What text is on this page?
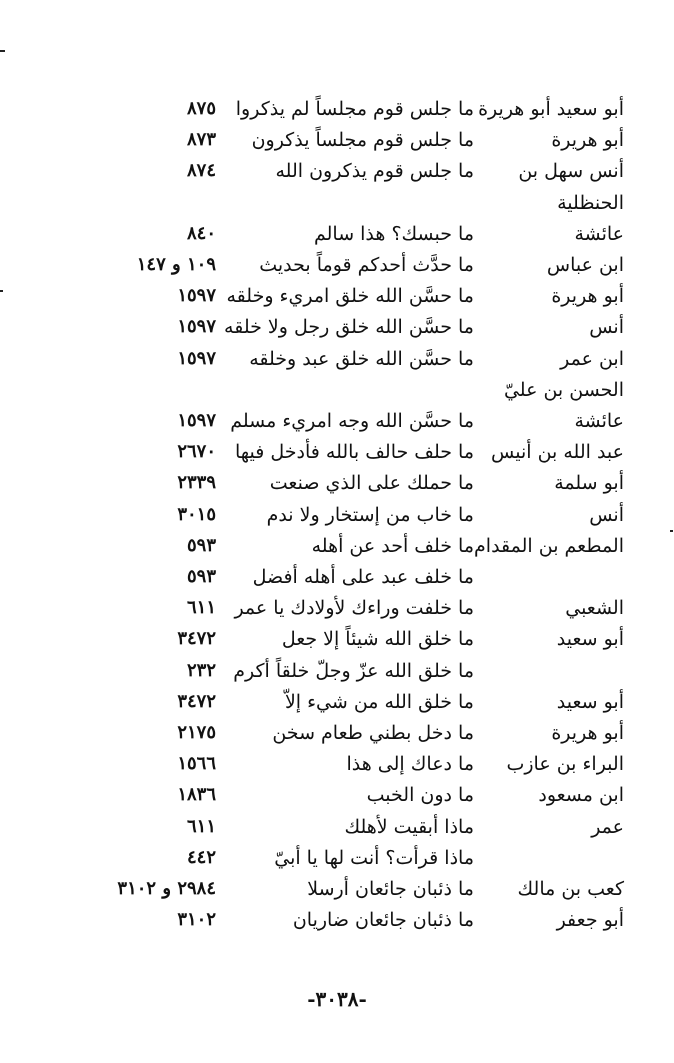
أبو سعيد أبو هريرة
ما جلس قوم مجلساً لم يذكروا
٨٧٥
أبو هريرة
ما جلس قوم مجلساً يذكرون
٨٧٣
أنس سهل بن
ما جلس قوم يذكرون الله
٨٧٤
الحنظلية
عائشة
ما حبسك؟ هذا سالم
٨٤٠
ابن عباس
ما حدَّث أحدكم قوماً بحديث
١٠٩ و ١٤٧
أبو هريرة
ما حسَّن الله خلق امريء وخلقه
١٥٩٧
أنس
ما حسَّن الله خلق رجل ولا خلقه
١٥٩٧
ابن عمر
ما حسَّن الله خلق عبد وخلقه
١٥٩٧
الحسن بن عليّ
عائشة
ما حسَّن الله وجه امريء مسلم
١٥٩٧
عبد الله بن أنيس
ما حلف حالف بالله فأدخل فيها
٢٦٧٠
أبو سلمة
ما حملك على الذي صنعت
٢٣٣٩
أنس
ما خاب من إستخار ولا ندم
٣٠١٥
المطعم بن المقدام
ما خلف أحد عن أهله
٥٩٣
ما خلف عبد على أهله أفضل
٥٩٣
الشعبي
ما خلفت وراءك لأولادك يا عمر
٦١١
أبو سعيد
ما خلق الله شيئاً إلا جعل
٣٤٧٢
ما خلق الله عزّ وجلّ خلقاً أكرم
٢٣٢
أبو سعيد
ما خلق الله من شيء إلاّ
٣٤٧٢
أبو هريرة
ما دخل بطني طعام سخن
٢١٧٥
البراء بن عازب
ما دعاك إلى هذا
١٥٦٦
ابن مسعود
ما دون الخبب
١٨٣٦
عمر
ماذا أبقيت لأهلك
٦١١
ماذا قرأت؟ أنت لها يا أبيّ
٤٤٢
كعب بن مالك
ما ذئبان جائعان أرسلا
٢٩٨٤ و ٣١٠٢
أبو جعفر
ما ذئبان جائعان ضاريان
٣١٠٢
-٣٠٣٨-
